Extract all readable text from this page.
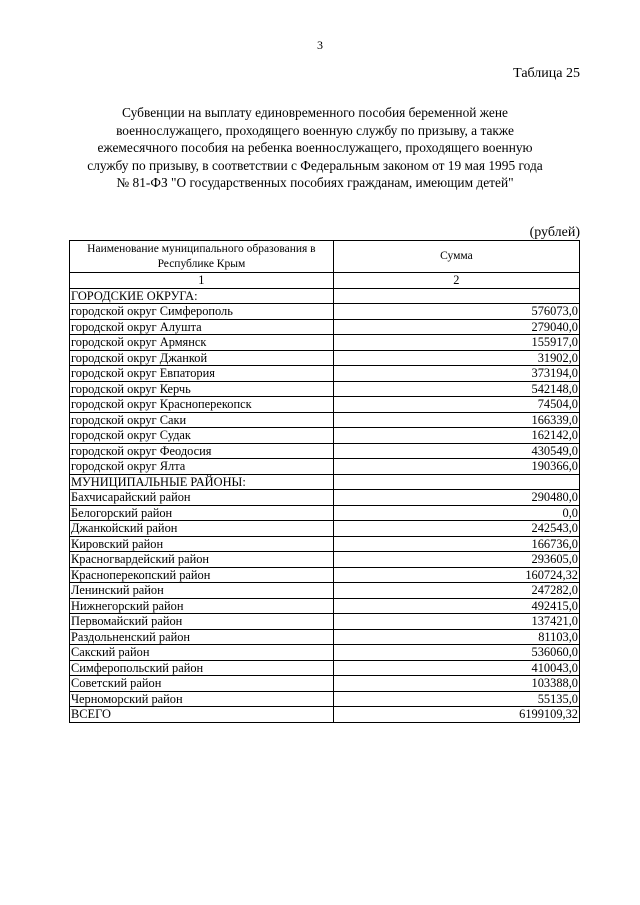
3
Таблица 25
Субвенции на выплату единовременного пособия беременной жене военнослужащего, проходящего военную службу по призыву, а также ежемесячного пособия на ребенка военнослужащего, проходящего военную службу по призыву, в соответствии с Федеральным законом от 19 мая 1995 года № 81-ФЗ "О государственных пособиях гражданам, имеющим детей"
(рублей)
Наименование муниципального образования в Республике Крым	Сумма
1	2
ГОРОДСКИЕ ОКРУГА:	
городской округ Симферополь	576073,0
городской округ Алушта	279040,0
городской округ Армянск	155917,0
городской округ Джанкой	31902,0
городской округ Евпатория	373194,0
городской округ Керчь	542148,0
городской округ Красноперекопск	74504,0
городской округ Саки	166339,0
городской округ Судак	162142,0
городской округ Феодосия	430549,0
городской округ Ялта	190366,0
МУНИЦИПАЛЬНЫЕ РАЙОНЫ:	
Бахчисарайский район	290480,0
Белогорский район	0,0
Джанкойский район	242543,0
Кировский район	166736,0
Красногвардейский район	293605,0
Красноперекопский район	160724,32
Ленинский район	247282,0
Нижнегорский район	492415,0
Первомайский район	137421,0
Раздольненский район	81103,0
Сакский район	536060,0
Симферопольский район	410043,0
Советский район	103388,0
Черноморский район	55135,0
ВСЕГО	6199109,32
